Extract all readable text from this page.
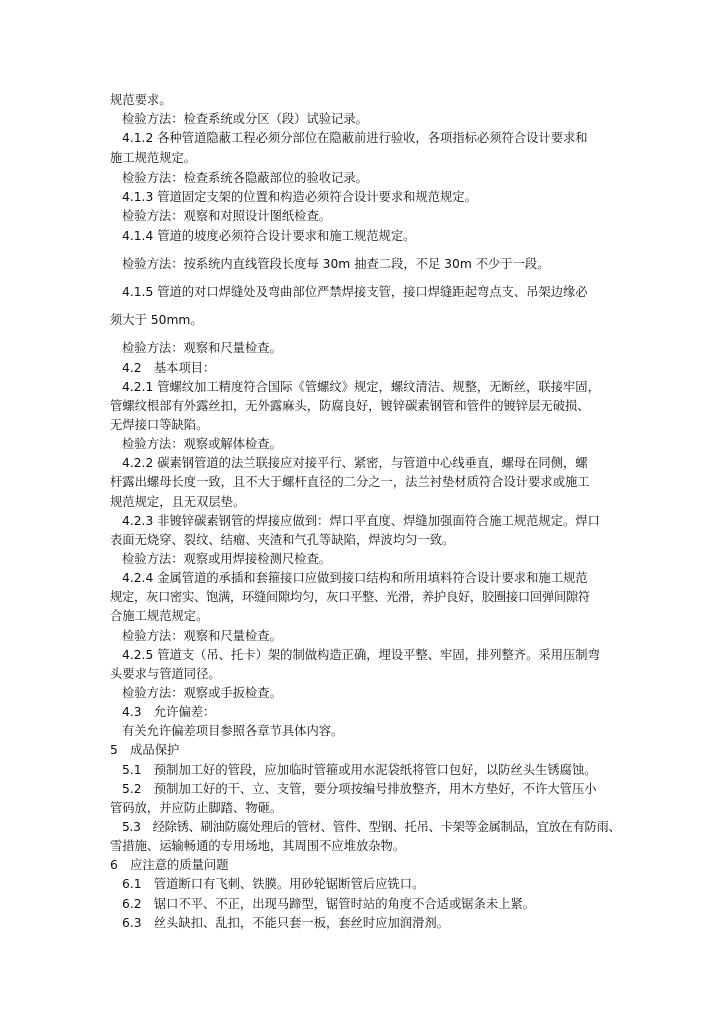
规范要求。
检验方法：检查系统或分区（段）试验记录。
4.1.2 各种管道隐蔽工程必须分部位在隐蔽前进行验收，各项指标必须符合设计要求和
施工规范规定。
检验方法：检查系统各隐蔽部位的验收记录。
4.1.3 管道固定支架的位置和构造必须符合设计要求和规范规定。
检验方法：观察和对照设计图纸检查。
4.1.4 管道的坡度必须符合设计要求和施工规范规定。
检验方法：按系统内直线管段长度每 30m 抽查二段，不足 30m 不少于一段。
4.1.5 管道的对口焊缝处及弯曲部位严禁焊接支管，接口焊缝距起弯点支、吊架边缘必
须大于 50mm。
检验方法：观察和尺量检查。
4.2　基本项目：
4.2.1 管螺纹加工精度符合国际《管螺纹》规定，螺纹清洁、规整，无断丝，联接牢固，
管螺纹根部有外露丝扣，无外露麻头，防腐良好，镀锌碳素钢管和管件的镀锌层无破损、
无焊接口等缺陷。
检验方法：观察或解体检查。
4.2.2 碳素钢管道的法兰联接应对接平行、紧密，与管道中心线垂直，螺母在同侧，螺
杆露出螺母长度一致，且不大于螺杆直径的二分之一，法兰衬垫材质符合设计要求或施工
规范规定，且无双层垫。
4.2.3 非镀锌碳素钢管的焊接应做到：焊口平直度、焊缝加强面符合施工规范规定。焊口
表面无烧穿、裂纹、结瘤、夹渣和气孔等缺陷，焊波均匀一致。
检验方法：观察或用焊接检测尺检查。
4.2.4 金属管道的承插和套箍接口应做到接口结构和所用填料符合设计要求和施工规范
规定，灰口密实、饱满，环缝间隙均匀，灰口平整、光滑，养护良好，胶圈接口回弹间隙符
合施工规范规定。
检验方法：观察和尺量检查。
4.2.5 管道支（吊、托卡）架的制做构造正确，埋设平整、牢固，排列整齐。采用压制弯
头要求与管道同径。
检验方法：观察或手扳检查。
4.3　允许偏差：
有关允许偏差项目参照各章节具体内容。
5　成品保护
5.1　预制加工好的管段，应加临时管箍或用水泥袋纸将管口包好，以防丝头生锈腐蚀。
5.2　预制加工好的干、立、支管，要分项按编号排放整齐，用木方垫好，不许大管压小
管码放，并应防止脚踏、物砸。
5.3　经除锈、刷油防腐处理后的管材、管件、型钢、托吊、卡架等金属制品，宜放在有防雨、
雪措施、运输畅通的专用场地，其周围不应堆放杂物。
6　应注意的质量问题
6.1　管道断口有飞刺、铁膜。用砂轮锯断管后应铣口。
6.2　锯口不平、不正，出现马蹄型，锯管时站的角度不合适或锯条未上紧。
6.3　丝头缺扣、乱扣，不能只套一板，套丝时应加润滑剂。
